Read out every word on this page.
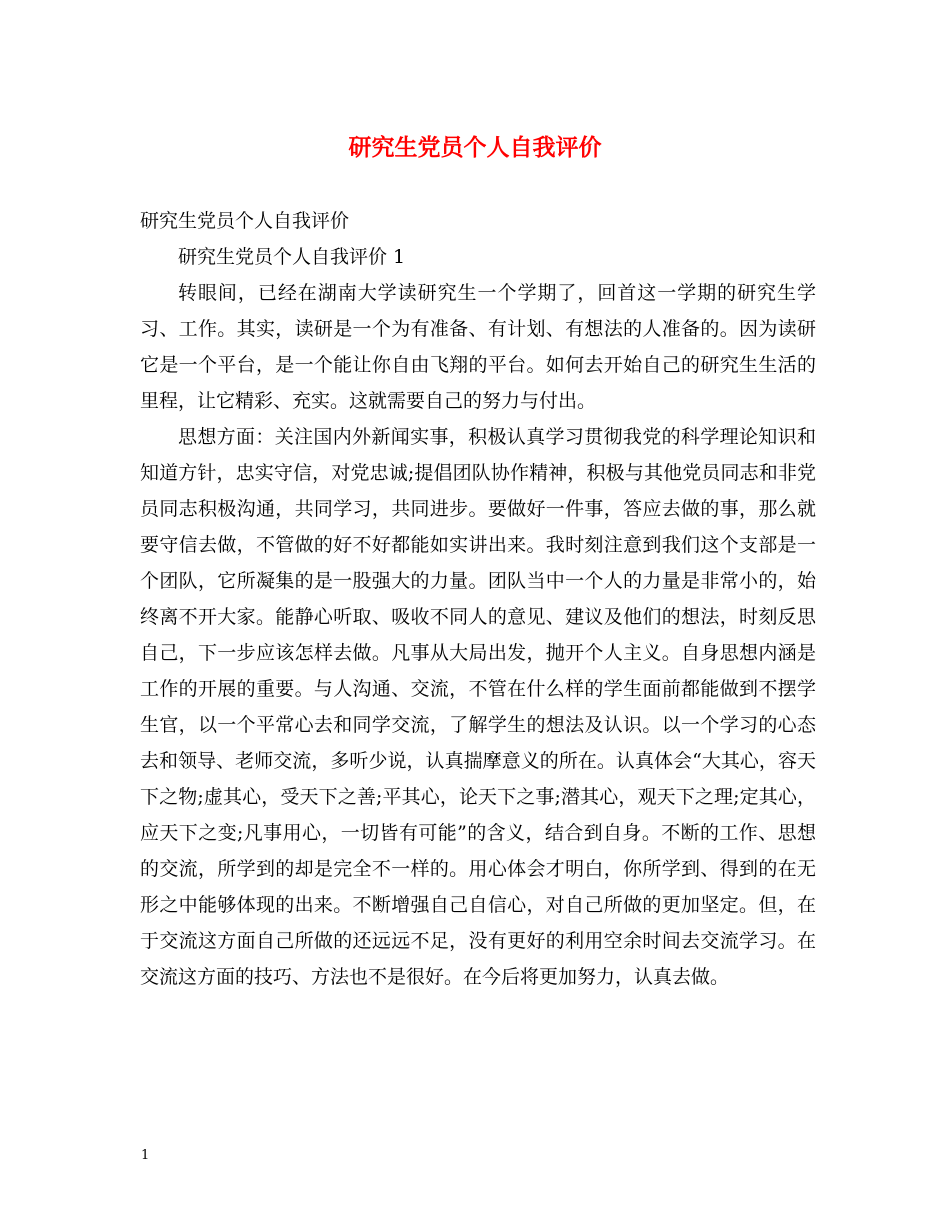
研究生党员个人自我评价

研究生党员个人自我评价

研究生党员个人自我评价 1

转眼间，已经在湖南大学读研究生一个学期了，回首这一学期的研究生学习、工作。其实，读研是一个为有准备、有计划、有想法的人准备的。因为读研它是一个平台，是一个能让你自由飞翔的平台。如何去开始自己的研究生生活的里程，让它精彩、充实。这就需要自己的努力与付出。

思想方面：关注国内外新闻实事，积极认真学习贯彻我党的科学理论知识和知道方针，忠实守信，对党忠诚;提倡团队协作精神，积极与其他党员同志和非党员同志积极沟通，共同学习，共同进步。要做好一件事，答应去做的事，那么就要守信去做，不管做的好不好都能如实讲出来。我时刻注意到我们这个支部是一个团队，它所凝集的是一股强大的力量。团队当中一个人的力量是非常小的，始终离不开大家。能静心听取、吸收不同人的意见、建议及他们的想法，时刻反思自己，下一步应该怎样去做。凡事从大局出发，抛开个人主义。自身思想内涵是工作的开展的重要。与人沟通、交流，不管在什么样的学生面前都能做到不摆学生官，以一个平常心去和同学交流，了解学生的想法及认识。以一个学习的心态去和领导、老师交流，多听少说，认真揣摩意义的所在。认真体会“大其心，容天下之物;虚其心，受天下之善;平其心，论天下之事;潜其心，观天下之理;定其心，应天下之变;凡事用心，一切皆有可能”的含义，结合到自身。不断的工作、思想的交流，所学到的却是完全不一样的。用心体会才明白，你所学到、得到的在无形之中能够体现的出来。不断增强自己自信心，对自己所做的更加坚定。但，在于交流这方面自己所做的还远远不足，没有更好的利用空余时间去交流学习。在交流这方面的技巧、方法也不是很好。在今后将更加努力，认真去做。

1
